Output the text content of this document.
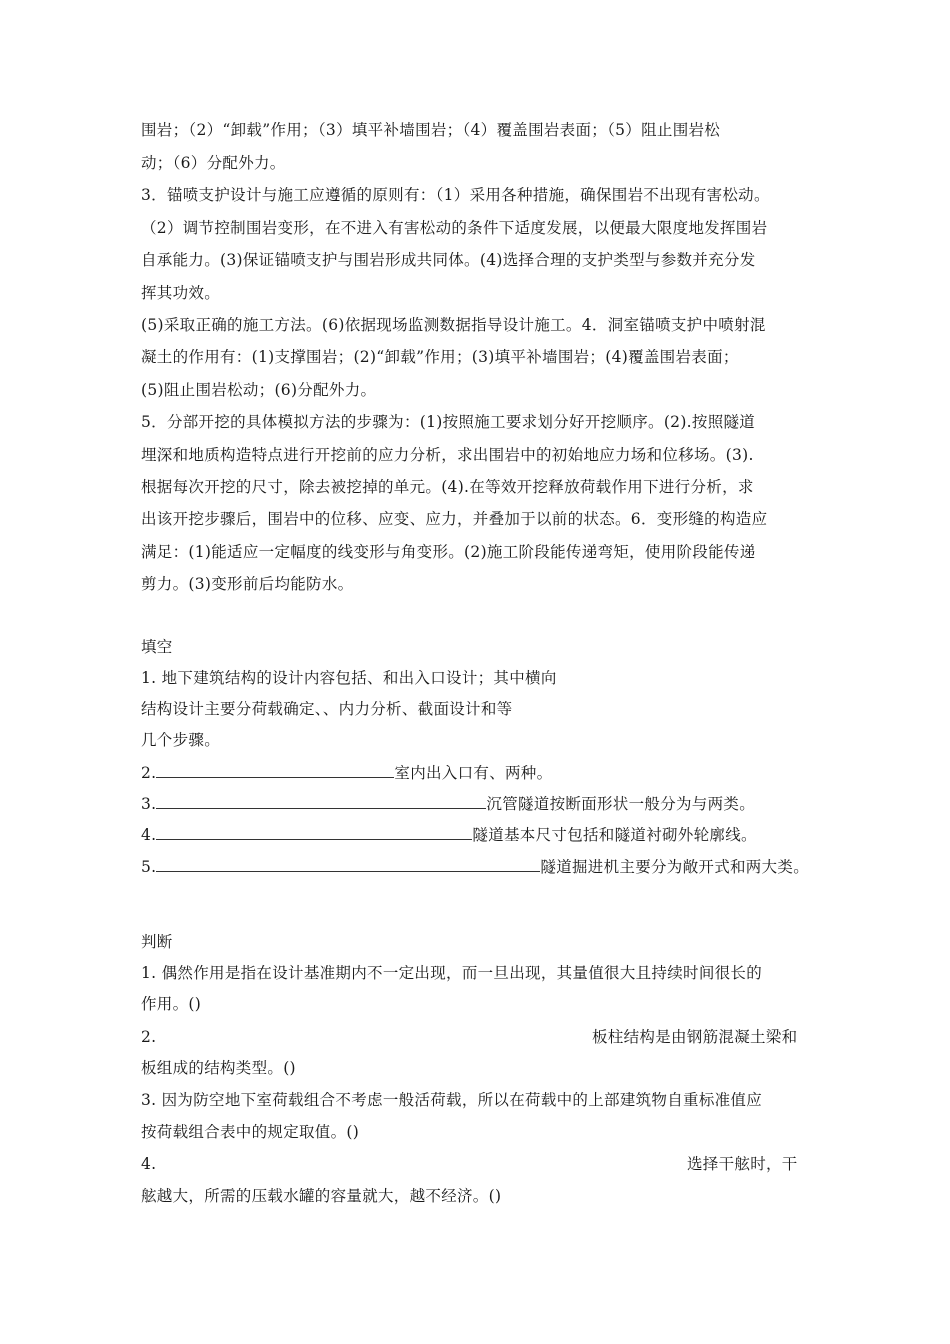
围岩；（2）“卸载”作用；（3）填平补墙围岩；（4）覆盖围岩表面；（5）阻止围岩松
动；（6）分配外力。
3．锚喷支护设计与施工应遵循的原则有：（1）采用各种措施，确保围岩不出现有害松动。
（2）调节控制围岩变形，在不进入有害松动的条件下适度发展，以便最大限度地发挥围岩
自承能力。(3)保证锚喷支护与围岩形成共同体。(4)选择合理的支护类型与参数并充分发
挥其功效。
(5)采取正确的施工方法。(6)依据现场监测数据指导设计施工。4．洞室锚喷支护中喷射混
凝土的作用有：(1)支撑围岩；(2)“卸载”作用；(3)填平补墙围岩；(4)覆盖围岩表面；
(5)阻止围岩松动；(6)分配外力。
5．分部开挖的具体模拟方法的步骤为：(1)按照施工要求划分好开挖顺序。(2).按照隧道
埋深和地质构造特点进行开挖前的应力分析，求出围岩中的初始地应力场和位移场。(3).
根据每次开挖的尺寸，除去被挖掉的单元。(4).在等效开挖释放荷载作用下进行分析，求
出该开挖步骤后，围岩中的位移、应变、应力，并叠加于以前的状态。6．变形缝的构造应
满足：(1)能适应一定幅度的线变形与角变形。(2)施工阶段能传递弯矩，使用阶段能传递
剪力。(3)变形前后均能防水。
填空
1. 地下建筑结构的设计内容包括、和出入口设计；其中横向
结构设计主要分荷载确定、、内力分析、截面设计和等
几个步骤。
2.	室内出入口有、两种。
3.	沉管隧道按断面形状一般分为与两类。
4.	隧道基本尺寸包括和隧道衬砌外轮廓线。
5.	隧道掘进机主要分为敞开式和两大类。
判断
1. 偶然作用是指在设计基准期内不一定出现，而一旦出现，其量值很大且持续时间很长的
作用。()
2.	板柱结构是由钢筋混凝土梁和
板组成的结构类型。()
3. 因为防空地下室荷载组合不考虑一般活荷载，所以在荷载中的上部建筑物自重标准值应
按荷载组合表中的规定取值。()
4.	选择干舷时，干
舷越大，所需的压载水罐的容量就大，越不经济。()
